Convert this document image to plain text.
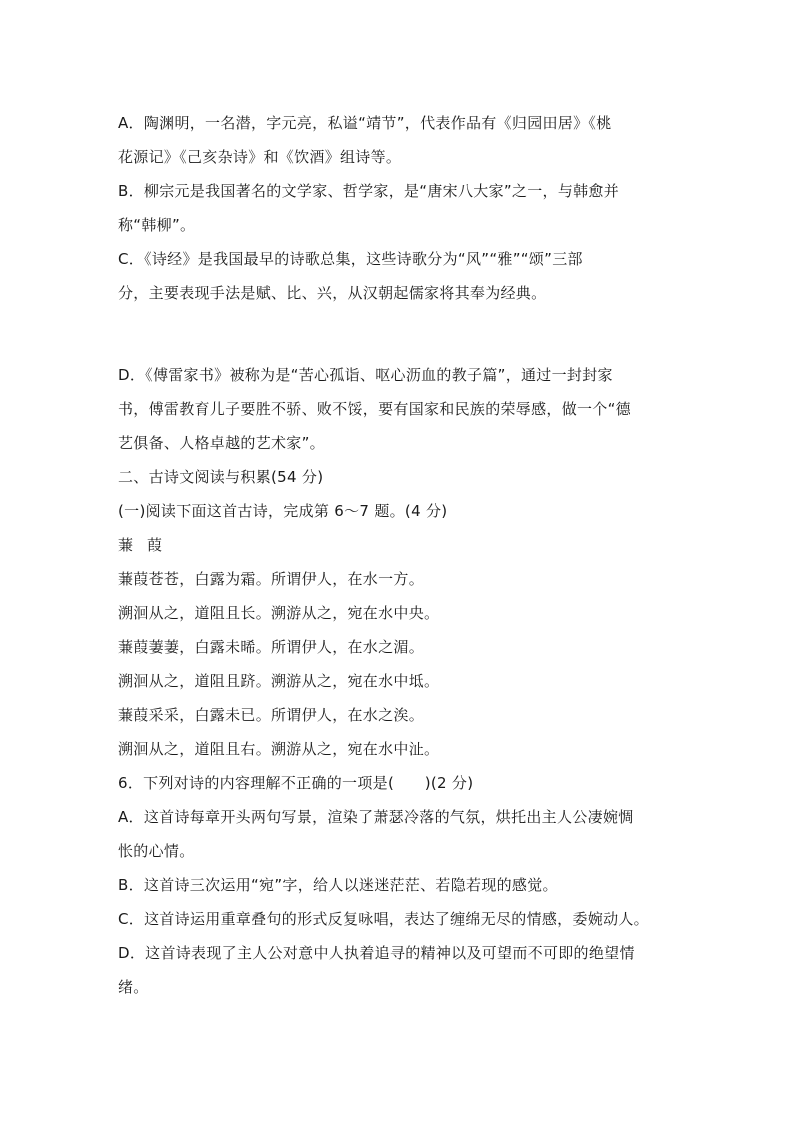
A．陶渊明，一名潜，字元亮，私谥“靖节”，代表作品有《归园田居》《桃
花源记》《己亥杂诗》和《饮酒》组诗等。
B．柳宗元是我国著名的文学家、哲学家，是“唐宋八大家”之一，与韩愈并
称“韩柳”。
C．《诗经》是我国最早的诗歌总集，这些诗歌分为“风”“雅”“颂”三部
分，主要表现手法是赋、比、兴，从汉朝起儒家将其奉为经典。
D．《傅雷家书》被称为是“苦心孤诣、呕心沥血的教子篇”，通过一封封家
书，傅雷教育儿子要胜不骄、败不馁，要有国家和民族的荣辱感，做一个“德
艺俱备、人格卓越的艺术家”。
二、古诗文阅读与积累(54 分)
(一)阅读下面这首古诗，完成第 6～7 题。(4 分)
蒹葭
蒹葭苍苍，白露为霜。所谓伊人，在水一方。
溯洄从之，道阻且长。溯游从之，宛在水中央。
蒹葭萋萋，白露未晞。所谓伊人，在水之湄。
溯洄从之，道阻且跻。溯游从之，宛在水中坻。
蒹葭采采，白露未已。所谓伊人，在水之涘。
溯洄从之，道阻且右。溯游从之，宛在水中沚。
6．下列对诗的内容理解不正确的一项是(　　)(2 分)
A．这首诗每章开头两句写景，渲染了萧瑟冷落的气氛，烘托出主人公凄婉惆
怅的心情。
B．这首诗三次运用“宛”字，给人以迷迷茫茫、若隐若现的感觉。
C．这首诗运用重章叠句的形式反复咏唱，表达了缠绵无尽的情感，委婉动人。
D．这首诗表现了主人公对意中人执着追寻的精神以及可望而不可即的绝望情
绪。
